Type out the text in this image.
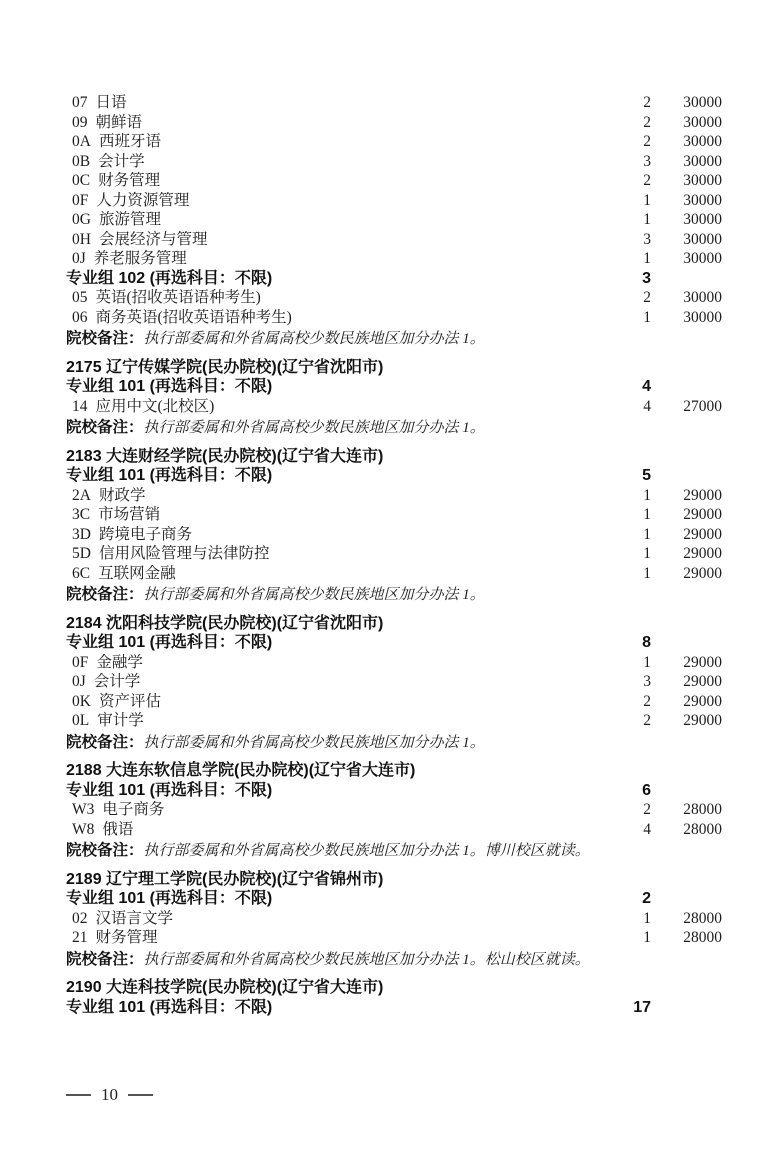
07 日语	2	30000
09 朝鲜语	2	30000
0A 西班牙语	2	30000
0B 会计学	3	30000
0C 财务管理	2	30000
0F 人力资源管理	1	30000
0G 旅游管理	1	30000
0H 会展经济与管理	3	30000
0J 养老服务管理	1	30000
专业组 102 (再选科目：不限)	3
05 英语(招收英语语种考生)	2	30000
06 商务英语(招收英语语种考生)	1	30000
院校备注：执行部委属和外省属高校少数民族地区加分办法 1。
2175 辽宁传媒学院(民办院校)(辽宁省沈阳市)
专业组 101 (再选科目：不限)	4
14 应用中文(北校区)	4	27000
院校备注：执行部委属和外省属高校少数民族地区加分办法 1。
2183 大连财经学院(民办院校)(辽宁省大连市)
专业组 101 (再选科目：不限)	5
2A 财政学	1	29000
3C 市场营销	1	29000
3D 跨境电子商务	1	29000
5D 信用风险管理与法律防控	1	29000
6C 互联网金融	1	29000
院校备注：执行部委属和外省属高校少数民族地区加分办法 1。
2184 沈阳科技学院(民办院校)(辽宁省沈阳市)
专业组 101 (再选科目：不限)	8
0F 金融学	1	29000
0J 会计学	3	29000
0K 资产评估	2	29000
0L 审计学	2	29000
院校备注：执行部委属和外省属高校少数民族地区加分办法 1。
2188 大连东软信息学院(民办院校)(辽宁省大连市)
专业组 101 (再选科目：不限)	6
W3 电子商务	2	28000
W8 俄语	4	28000
院校备注：执行部委属和外省属高校少数民族地区加分办法 1。博川校区就读。
2189 辽宁理工学院(民办院校)(辽宁省锦州市)
专业组 101 (再选科目：不限)	2
02 汉语言文学	1	28000
21 财务管理	1	28000
院校备注：执行部委属和外省属高校少数民族地区加分办法 1。松山校区就读。
2190 大连科技学院(民办院校)(辽宁省大连市)
专业组 101 (再选科目：不限)	17
10
